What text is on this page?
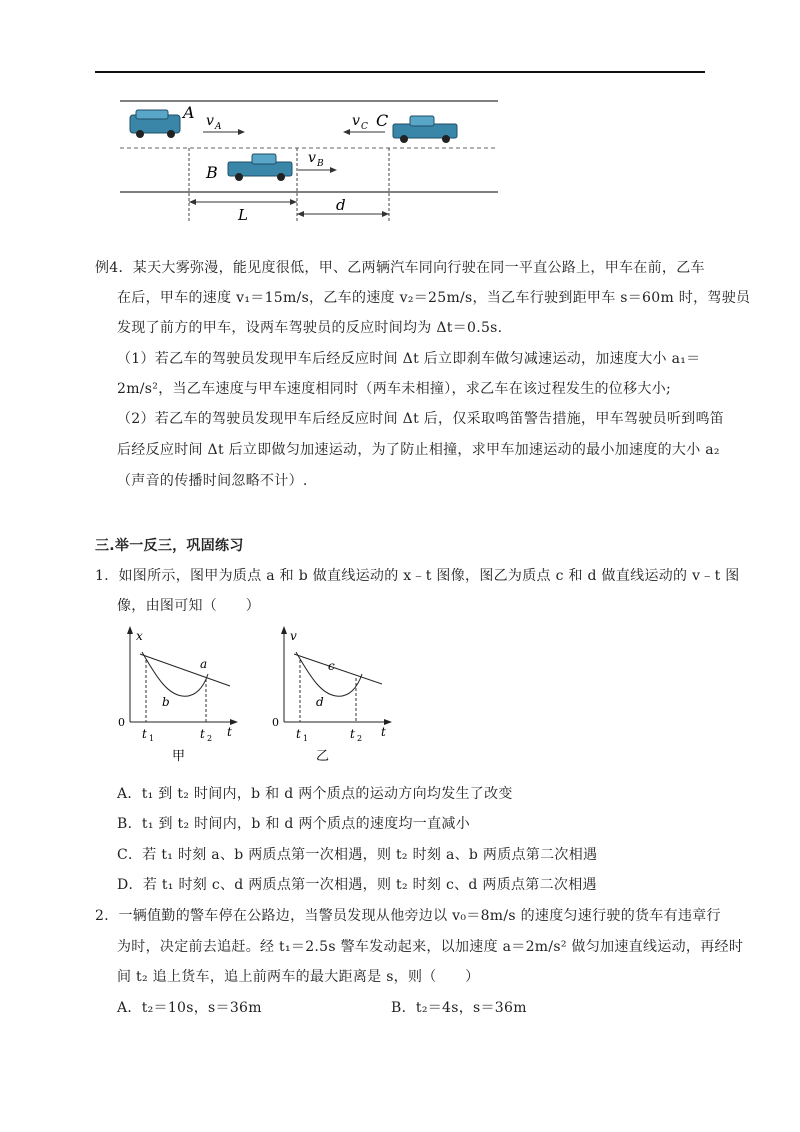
A v A	v C C
B
v B
L
d
例4．某天大雾弥漫，能见度很低，甲、乙两辆汽车同向行驶在同一平直公路上，甲车在前，乙车
在后，甲车的速度 v₁＝15m/s，乙车的速度 v₂＝25m/s，当乙车行驶到距甲车 s＝60m 时，驾驶员
发现了前方的甲车，设两车驾驶员的反应时间均为 Δt＝0.5s.
（1）若乙车的驾驶员发现甲车后经反应时间 Δt 后立即刹车做匀减速运动，加速度大小 a₁＝
2m/s²，当乙车速度与甲车速度相同时（两车未相撞），求乙车在该过程发生的位移大小;
（2）若乙车的驾驶员发现甲车后经反应时间 Δt 后，仅采取鸣笛警告措施，甲车驾驶员听到鸣笛
后经反应时间 Δt 后立即做匀加速运动，为了防止相撞，求甲车加速运动的最小加速度的大小 a₂
（声音的传播时间忽略不计）.
三.举一反三，巩固练习
1．如图所示，图甲为质点 a 和 b 做直线运动的 x﹣t 图像，图乙为质点 c 和 d 做直线运动的 v﹣t 图
像，由图可知（　　）
x
t
0
a
b
t 1	t 2
甲
v
t
0
c
d
t 1	t 2
乙
A．t₁ 到 t₂ 时间内，b 和 d 两个质点的运动方向均发生了改变
B．t₁ 到 t₂ 时间内，b 和 d 两个质点的速度均一直减小
C．若 t₁ 时刻 a、b 两质点第一次相遇，则 t₂ 时刻 a、b 两质点第二次相遇
D．若 t₁ 时刻 c、d 两质点第一次相遇，则 t₂ 时刻 c、d 两质点第二次相遇
2．一辆值勤的警车停在公路边，当警员发现从他旁边以 v₀＝8m/s 的速度匀速行驶的货车有违章行
为时，决定前去追赶。经 t₁＝2.5s 警车发动起来，以加速度 a＝2m/s² 做匀加速直线运动，再经时
间 t₂ 追上货车，追上前两车的最大距离是 s，则（　　）
A．t₂＝10s，s＝36m	B．t₂＝4s，s＝36m
